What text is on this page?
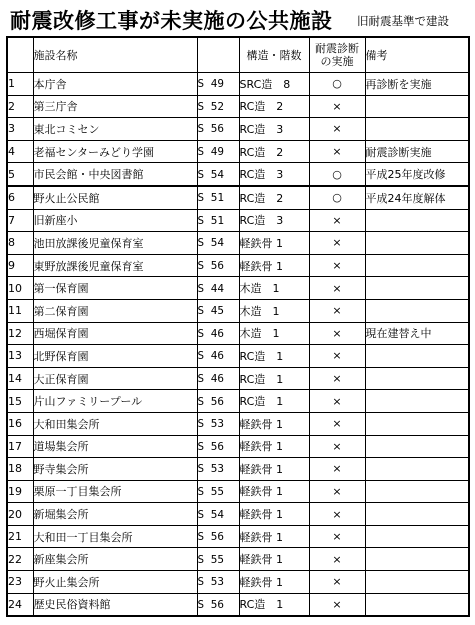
耐震改修工事が未実施の公共施設 旧耐震基準で建設
	施設名称		構造・階数	耐震診断
の実施	備考
1	本庁舎	S 49	SRC造　8	○	再診断を実施
2	第三庁舎	S 52	RC造　2	×	
3	東北コミセン	S 56	RC造　3	×	
4	老福センターみどり学園	S 49	RC造　2	×	耐震診断実施
5	市民会館・中央図書館	S 54	RC造　3	○	平成25年度改修
6	野火止公民館	S 51	RC造　2	○	平成24年度解体
7	旧新座小	S 51	RC造　3	×	
8	池田放課後児童保育室	S 54	軽鉄骨 1	×	
9	東野放課後児童保育室	S 56	軽鉄骨 1	×	
10	第一保育園	S 44	木造　1	×	
11	第二保育園	S 45	木造　1	×	
12	西堀保育園	S 46	木造　1	×	現在建替え中
13	北野保育園	S 46	RC造　1	×	
14	大正保育園	S 46	RC造　1	×	
15	片山ファミリープール	S 56	RC造　1	×	
16	大和田集会所	S 53	軽鉄骨 1	×	
17	道場集会所	S 56	軽鉄骨 1	×	
18	野寺集会所	S 53	軽鉄骨 1	×	
19	栗原一丁目集会所	S 55	軽鉄骨 1	×	
20	新堀集会所	S 54	軽鉄骨 1	×	
21	大和田一丁目集会所	S 56	軽鉄骨 1	×	
22	新座集会所	S 55	軽鉄骨 1	×	
23	野火止集会所	S 53	軽鉄骨 1	×	
24	歴史民俗資料館	S 56	RC造　1	×	
